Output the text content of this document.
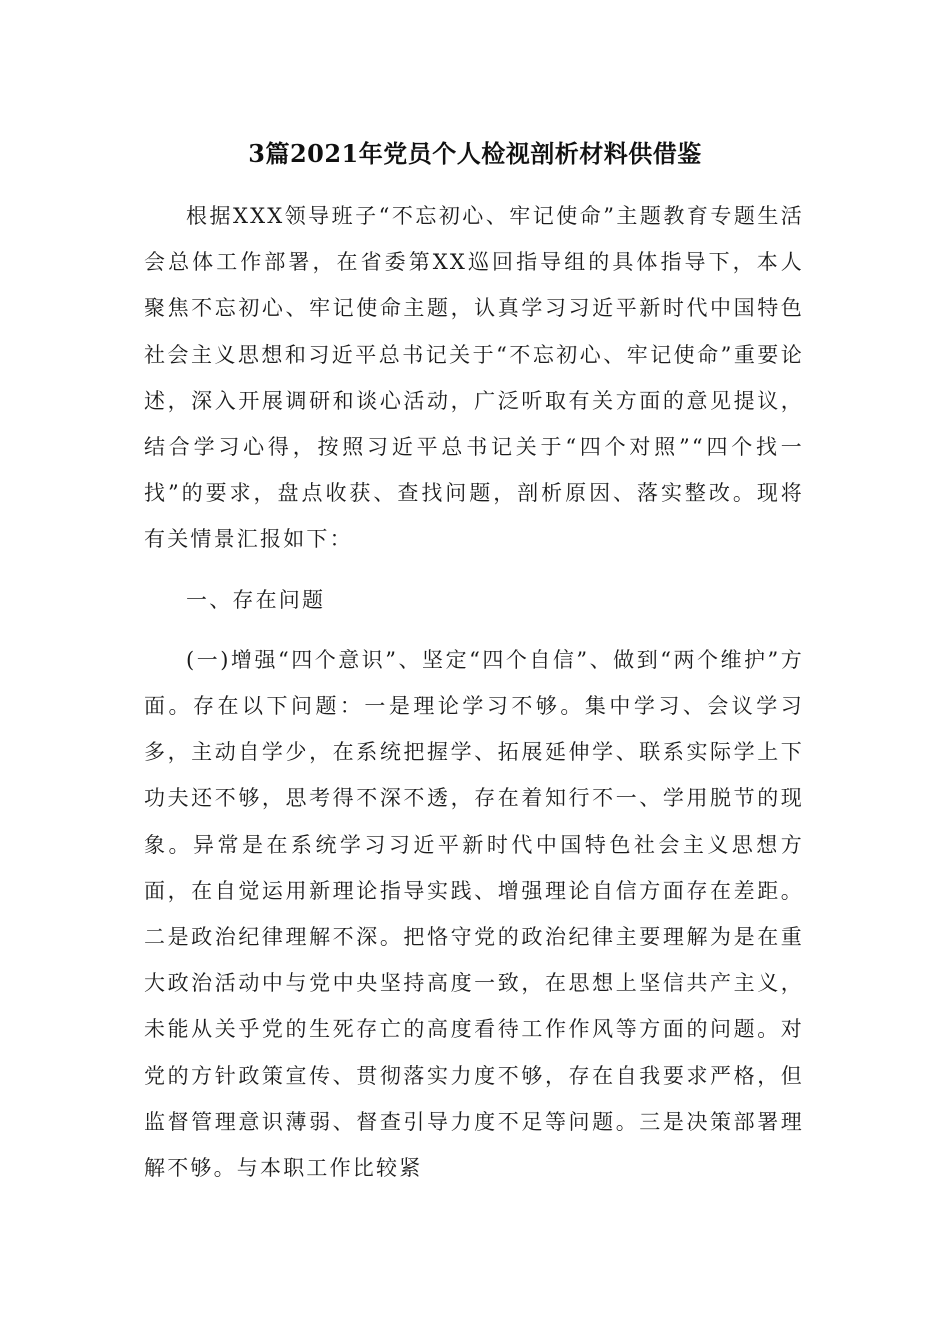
3篇2021年党员个人检视剖析材料供借鉴

根据XXX领导班子“不忘初心、牢记使命”主题教育专题生活会总体工作部署，在省委第XX巡回指导组的具体指导下，本人聚焦不忘初心、牢记使命主题，认真学习习近平新时代中国特色社会主义思想和习近平总书记关于“不忘初心、牢记使命”重要论述，深入开展调研和谈心活动，广泛听取有关方面的意见提议，结合学习心得，按照习近平总书记关于“四个对照”“四个找一找”的要求，盘点收获、查找问题，剖析原因、落实整改。现将有关情景汇报如下：

一、存在问题

(一)增强“四个意识”、坚定“四个自信”、做到“两个维护”方面。存在以下问题：一是理论学习不够。集中学习、会议学习多，主动自学少，在系统把握学、拓展延伸学、联系实际学上下功夫还不够，思考得不深不透，存在着知行不一、学用脱节的现象。异常是在系统学习习近平新时代中国特色社会主义思想方面，在自觉运用新理论指导实践、增强理论自信方面存在差距。二是政治纪律理解不深。把恪守党的政治纪律主要理解为是在重大政治活动中与党中央坚持高度一致，在思想上坚信共产主义，未能从关乎党的生死存亡的高度看待工作作风等方面的问题。对党的方针政策宣传、贯彻落实力度不够，存在自我要求严格，但监督管理意识薄弱、督查引导力度不足等问题。三是决策部署理解不够。与本职工作比较紧
